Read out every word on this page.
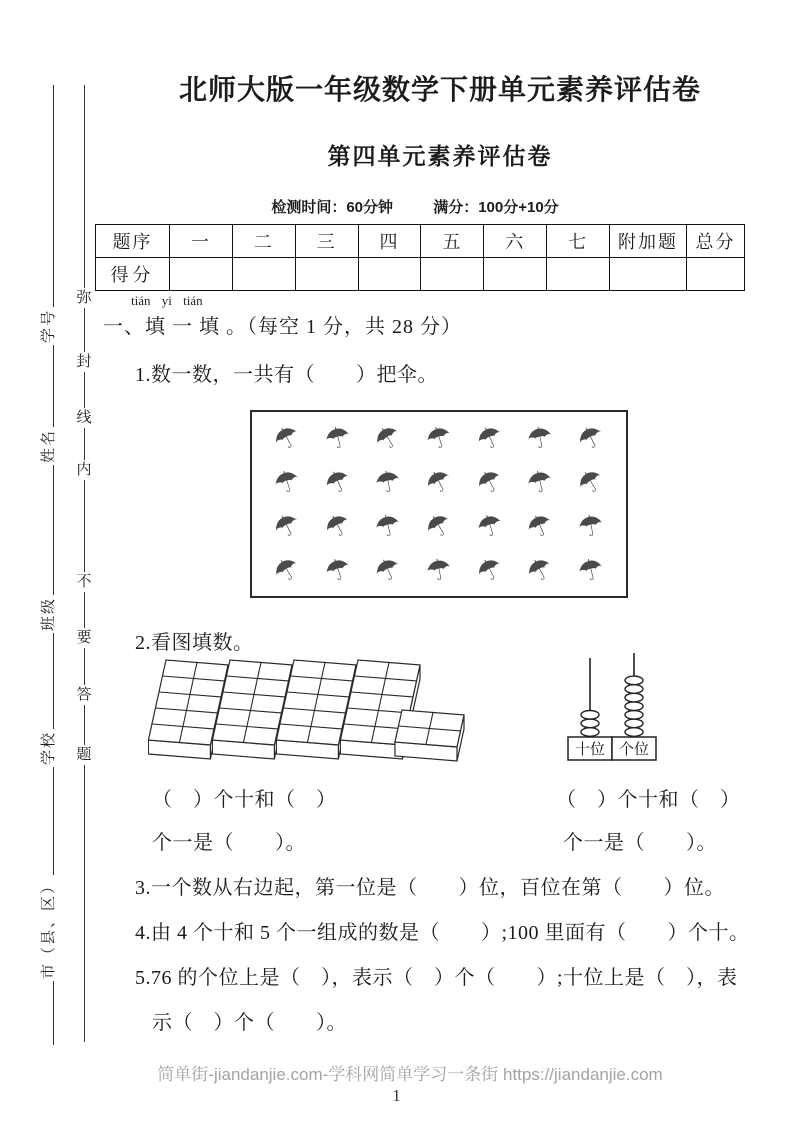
市（县、区）
学校
班级
姓名
学号
弥
封
线
内
不
要
答
题
北师大版一年级数学下册单元素养评估卷
第四单元素养评估卷
检测时间：60分钟	满分：100分+10分
题序	一	二	三	四	五	六	七	附加题	总分
得分									
tián yi tián
一、填 一 填 。（每空 1 分，共 28 分）
1.数一数，一共有（　　）把伞。
☂ ☂ ☂ ☂ ☂ ☂ ☂
☂ ☂ ☂ ☂ ☂ ☂ ☂
☂ ☂ ☂ ☂ ☂ ☂ ☂
☂ ☂ ☂ ☂ ☂ ☂ ☂
2.看图填数。
十位 个位
（　）个十和（　）	（　）个十和（　）
个一是（　　）。	个一是（　　）。
3.一个数从右边起，第一位是（　　）位，百位在第（　　）位。
4.由 4 个十和 5 个一组成的数是（　　）;100 里面有（　　）个十。
5.76 的个位上是（　），表示（　）个（　　）;十位上是（　），表
示（　）个（　　）。
简单街-jiandanjie.com-学科网简单学习一条街 https://jiandanjie.com
1
